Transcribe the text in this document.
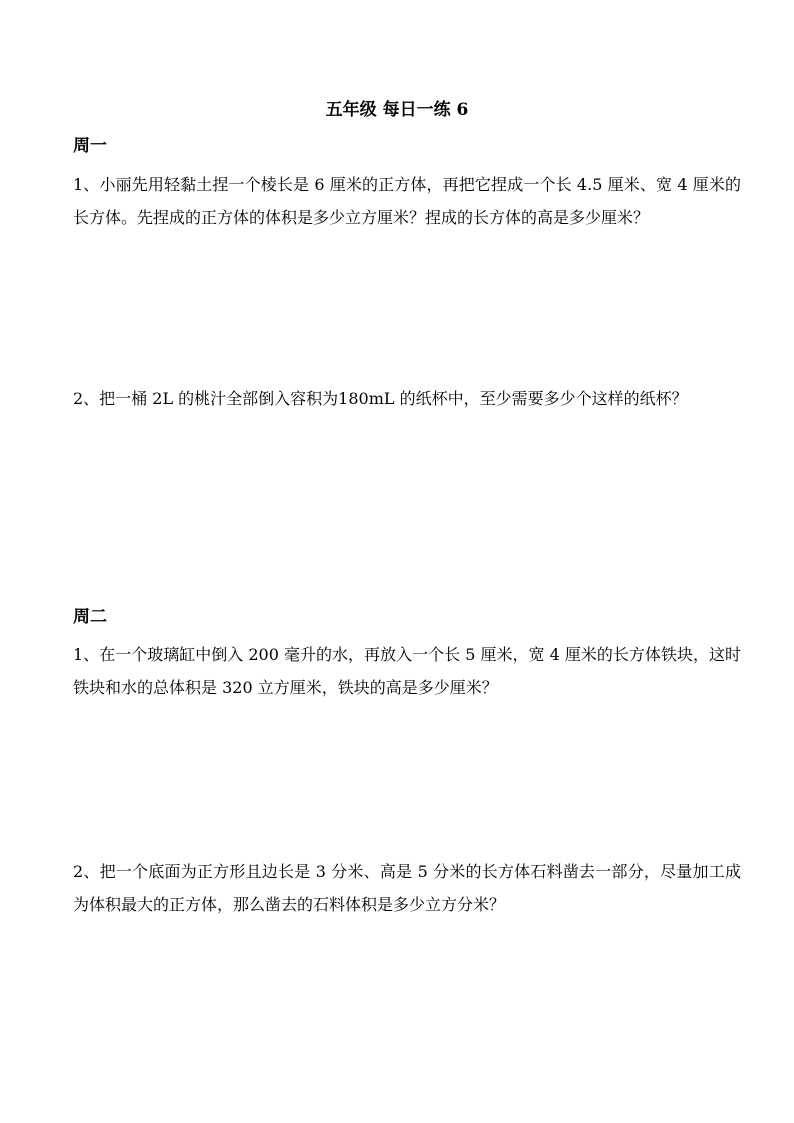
五年级 每日一练 6
周一
1、小丽先用轻黏土捏一个棱长是 6 厘米的正方体，再把它捏成一个长 4.5 厘米、宽 4 厘米的长方体。先捏成的正方体的体积是多少立方厘米？捏成的长方体的高是多少厘米？
2、把一桶 2L 的桃汁全部倒入容积为180mL 的纸杯中，至少需要多少个这样的纸杯？
周二
1、在一个玻璃缸中倒入 200 毫升的水，再放入一个长 5 厘米，宽 4 厘米的长方体铁块，这时铁块和水的总体积是 320 立方厘米，铁块的高是多少厘米？
2、把一个底面为正方形且边长是 3 分米、高是 5 分米的长方体石料凿去一部分，尽量加工成为体积最大的正方体，那么凿去的石料体积是多少立方分米？
